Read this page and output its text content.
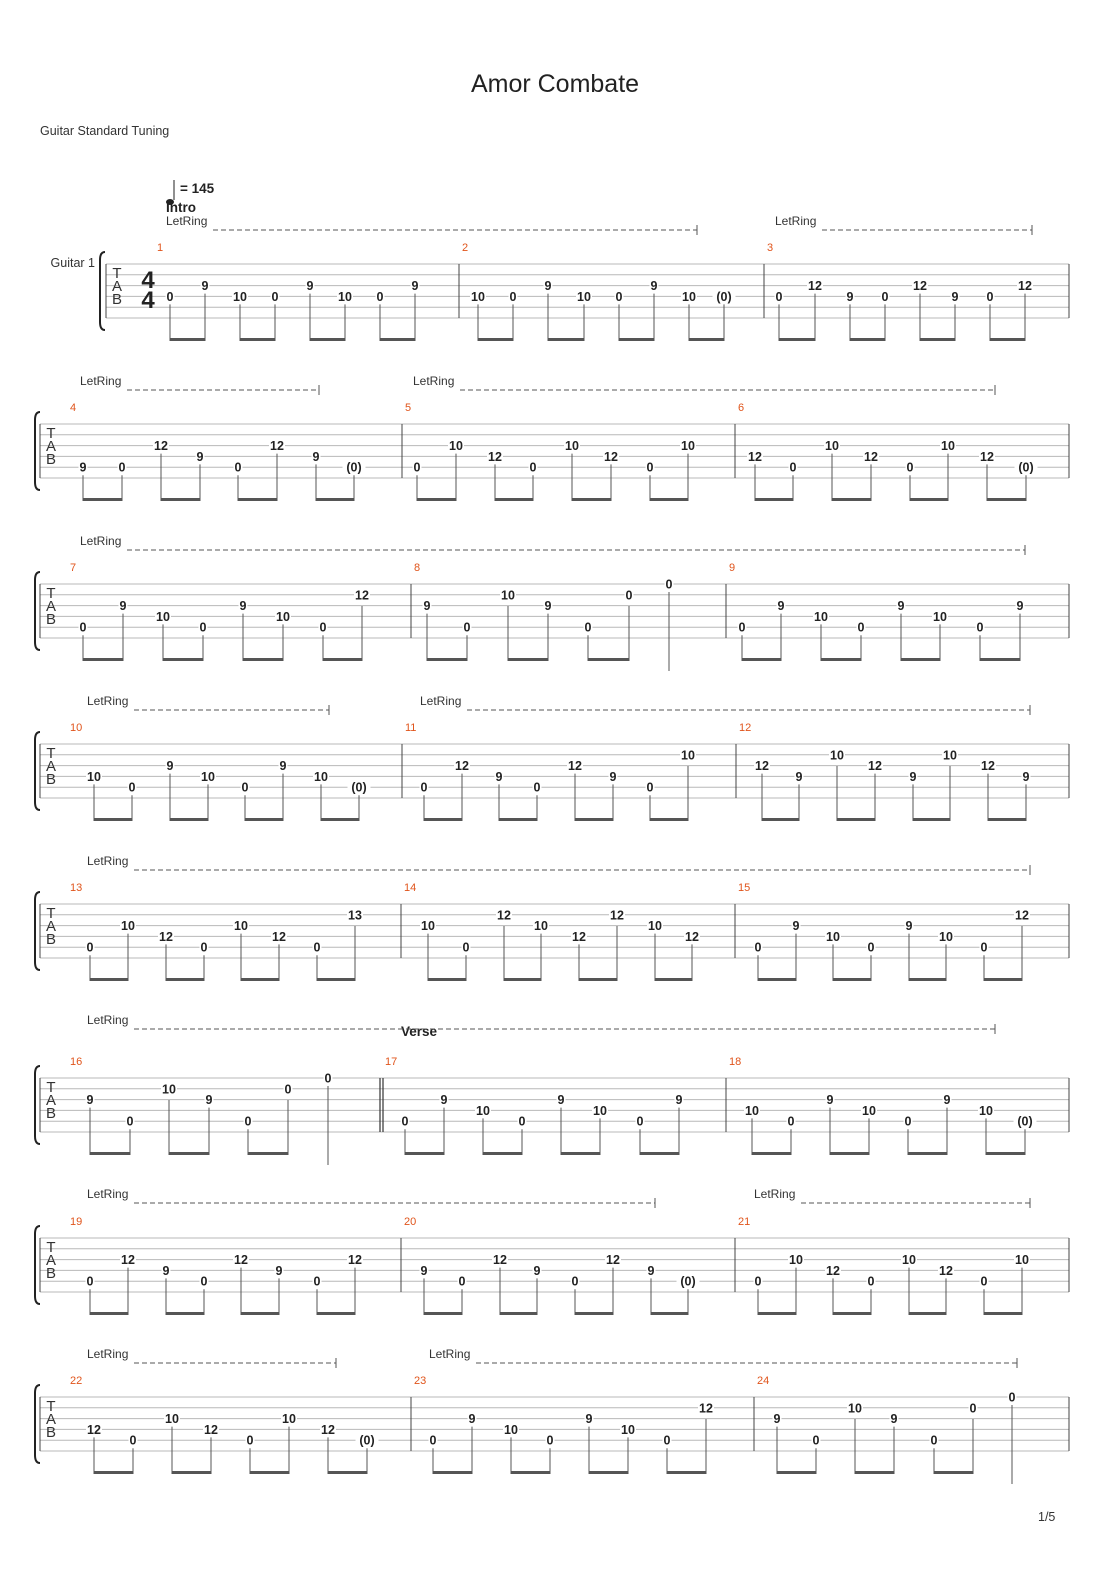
Amor Combate
Guitar Standard Tuning
T
A
B
Guitar 1
4
4
= 145
Intro
LetRing	LetRing
1
0
9
10 0
9
10 0
9
2
10 0
9
10 0
9
10 (0)
3
0
12
9 0
12
9 0
12
T
A
B
LetRing	LetRing
4
9	0
12
9
0
12
9
(0)
5
0
10
12
0
10
12
0
10
6
12
0
10
12
0
10
12
(0)
T
A
B
LetRing
7
0
9
10
0
9
10
0
12
8
9
0
10
9
0
0
0
9
0
9
10
0
9
10
0
9
T
A
B
LetRing	LetRing
10
10
0
9
10
0
9
10
(0)
11
0
12
9
0
12
9
0
10
12
12
9
10
12
9
10
12
9
T
A
B
LetRing
13
0
10
12
0
10
12
0
13
14
10
0
12
10
12
12
10
12
15
0
9
10
0
9
10
0
12
T
A
B
Verse
LetRing
16
9
0
10
9
0
0
0
17
0
9
10
0
9
10
0
9
18
10
0
9
10
0
9
10
(0)
T
A
B
LetRing	LetRing
19
0
12
9
0
12
9
0
12
20
9
0
12
9
0
12
9
(0)
21
0
10
12
0
10
12
0
10
T
A
B
LetRing	LetRing
22
12
0
10
12
0
10
12
(0)
23
0
9
10
0
9
10
0
12
24
9
0
10
9
0
0
0
1/5
